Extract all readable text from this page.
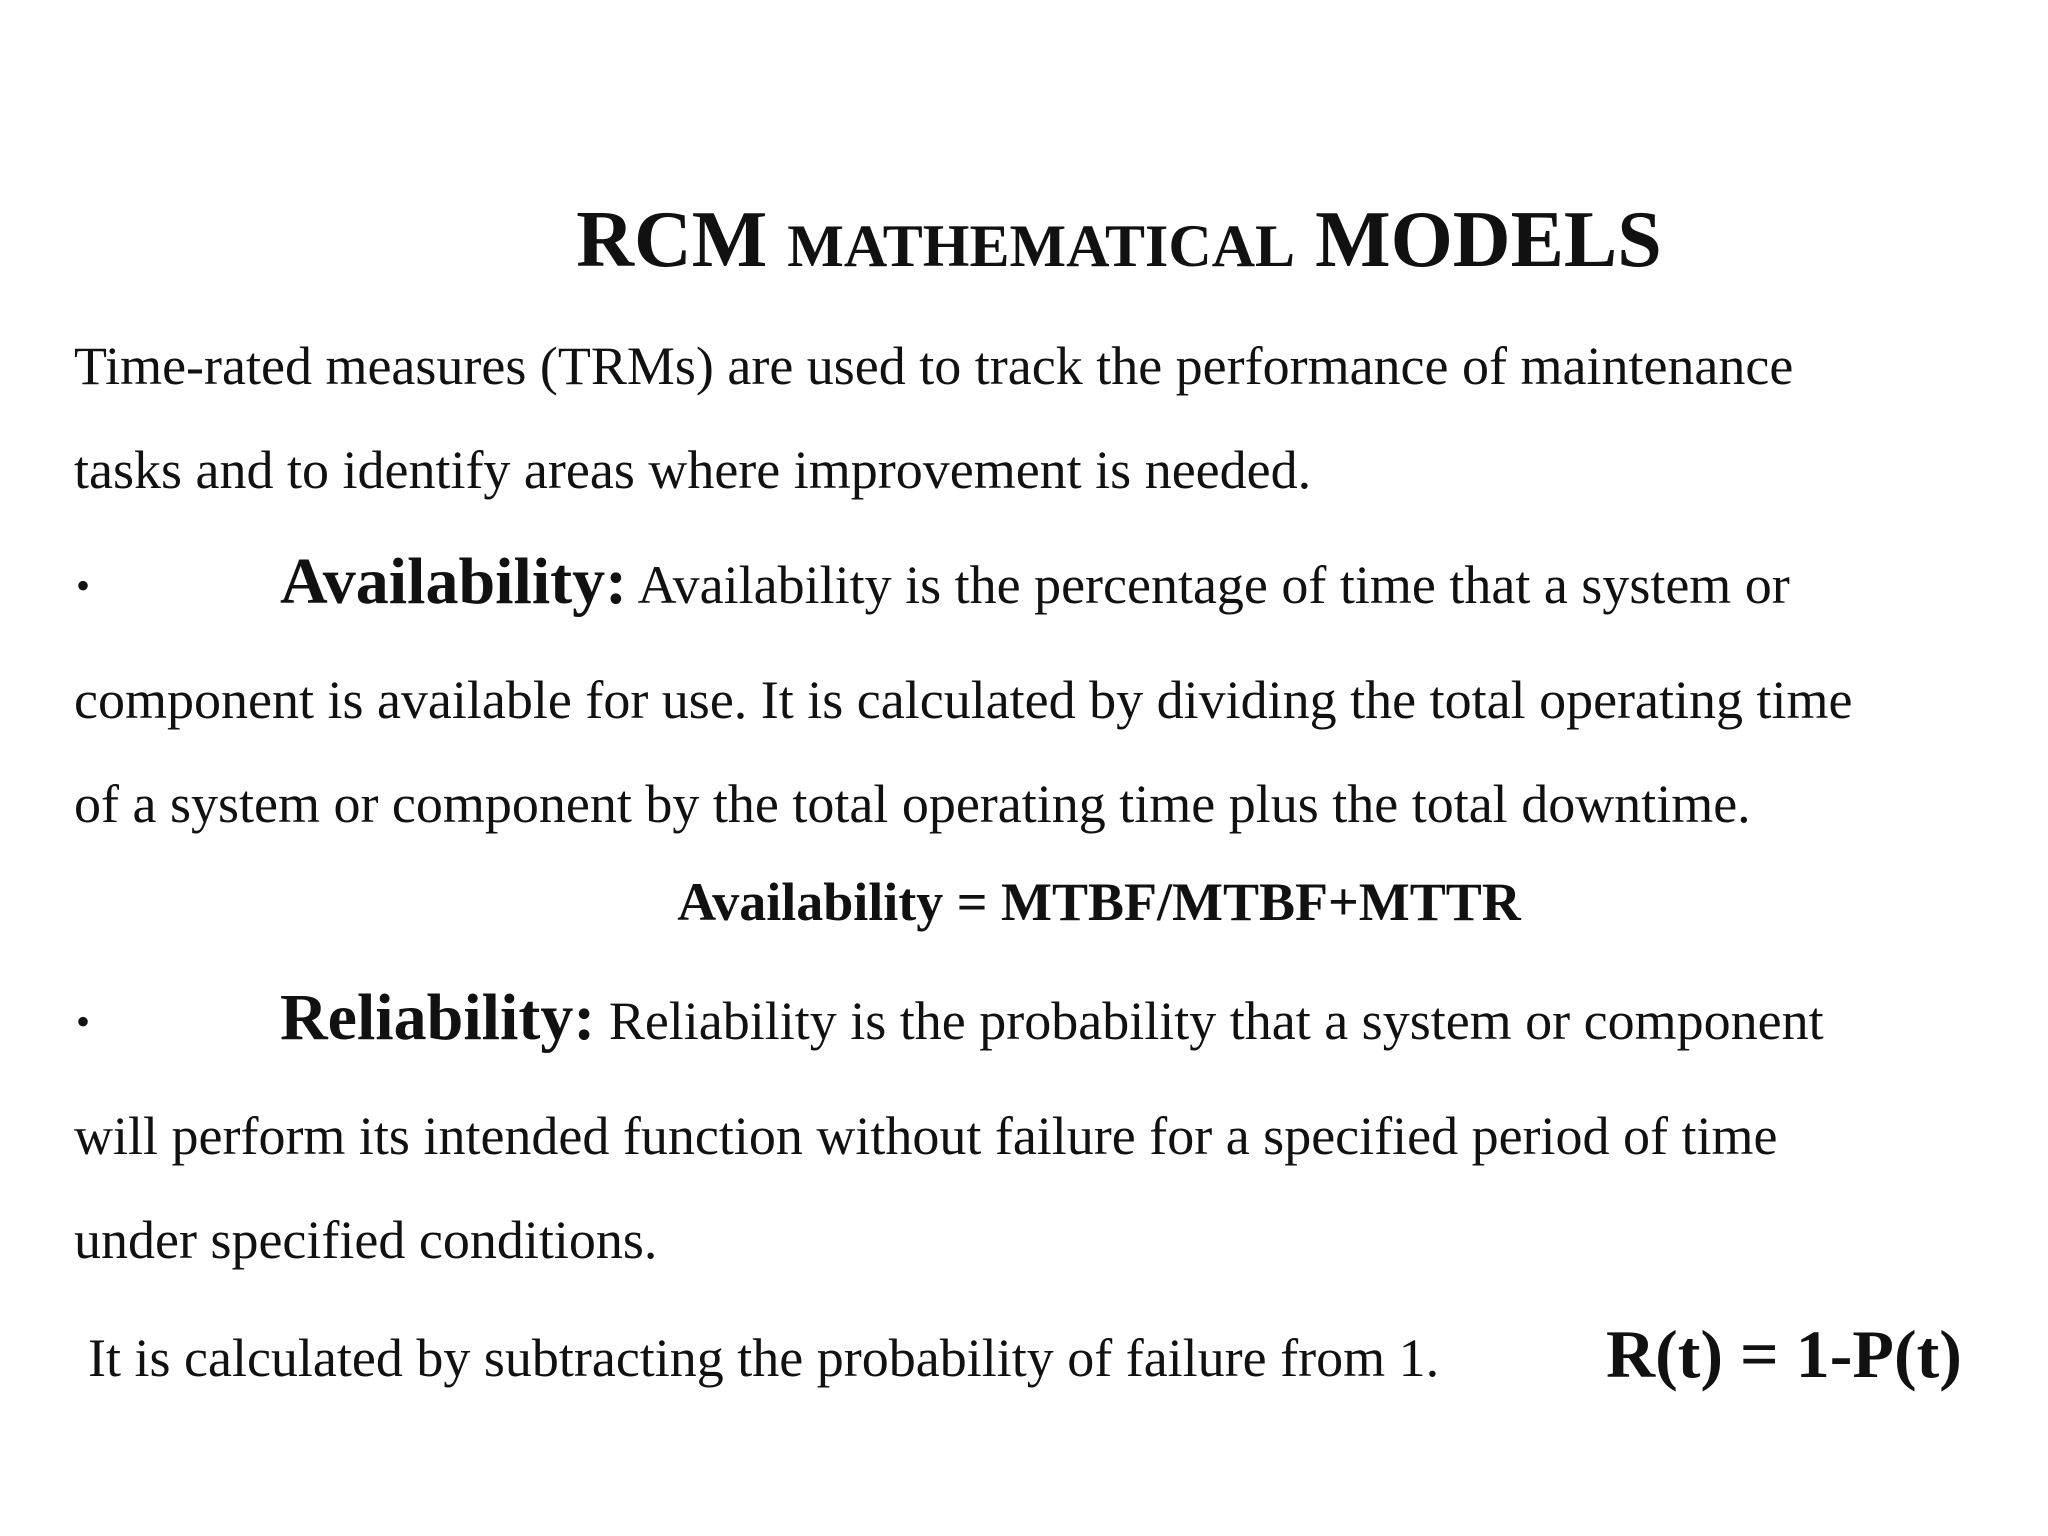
RCM MATHEMATICAL MODELS
Time-rated measures (TRMs) are used to track the performance of maintenance
tasks and to identify areas where improvement is needed.
•	Availability: Availability is the percentage of time that a system or
component is available for use. It is calculated by dividing the total operating time
of a system or component by the total operating time plus the total downtime.
Availability = MTBF/MTBF+MTTR
•	Reliability: Reliability is the probability that a system or component
will perform its intended function without failure for a specified period of time
under specified conditions.
It is calculated by subtracting the probability of failure from 1. R(t) = 1-P(t)
